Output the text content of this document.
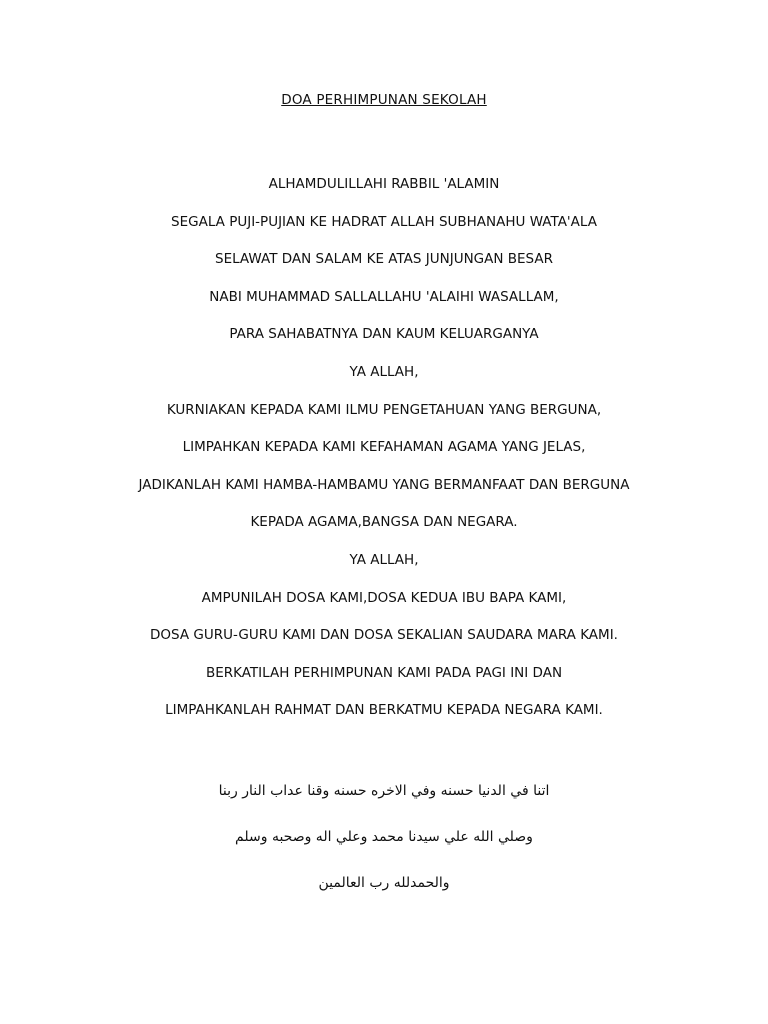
DOA PERHIMPUNAN SEKOLAH
ALHAMDULILLAHI RABBIL 'ALAMIN
SEGALA PUJI-PUJIAN KE HADRAT ALLAH SUBHANAHU WATA'ALA
SELAWAT DAN SALAM KE ATAS JUNJUNGAN BESAR
NABI MUHAMMAD SALLALLAHU 'ALAIHI WASALLAM,
PARA SAHABATNYA DAN KAUM KELUARGANYA
YA ALLAH,
KURNIAKAN KEPADA KAMI ILMU PENGETAHUAN YANG BERGUNA,
LIMPAHKAN KEPADA KAMI KEFAHAMAN AGAMA YANG JELAS,
JADIKANLAH KAMI HAMBA-HAMBAMU YANG BERMANFAAT DAN BERGUNA
KEPADA AGAMA,BANGSA DAN NEGARA.
YA ALLAH,
AMPUNILAH DOSA KAMI,DOSA KEDUA IBU BAPA KAMI,
DOSA GURU-GURU KAMI DAN DOSA SEKALIAN SAUDARA MARA KAMI.
BERKATILAH PERHIMPUNAN KAMI PADA PAGI INI DAN
LIMPAHKANLAH RAHMAT DAN BERKATMU KEPADA NEGARA KAMI.
اتنا في الدنيا حسنه وفي الاخره حسنه وقنا عداب النار ربنا
وصلي الله علي سيدنا محمد وعلي اله وصحبه وسلم
والحمدلله رب العالمين
